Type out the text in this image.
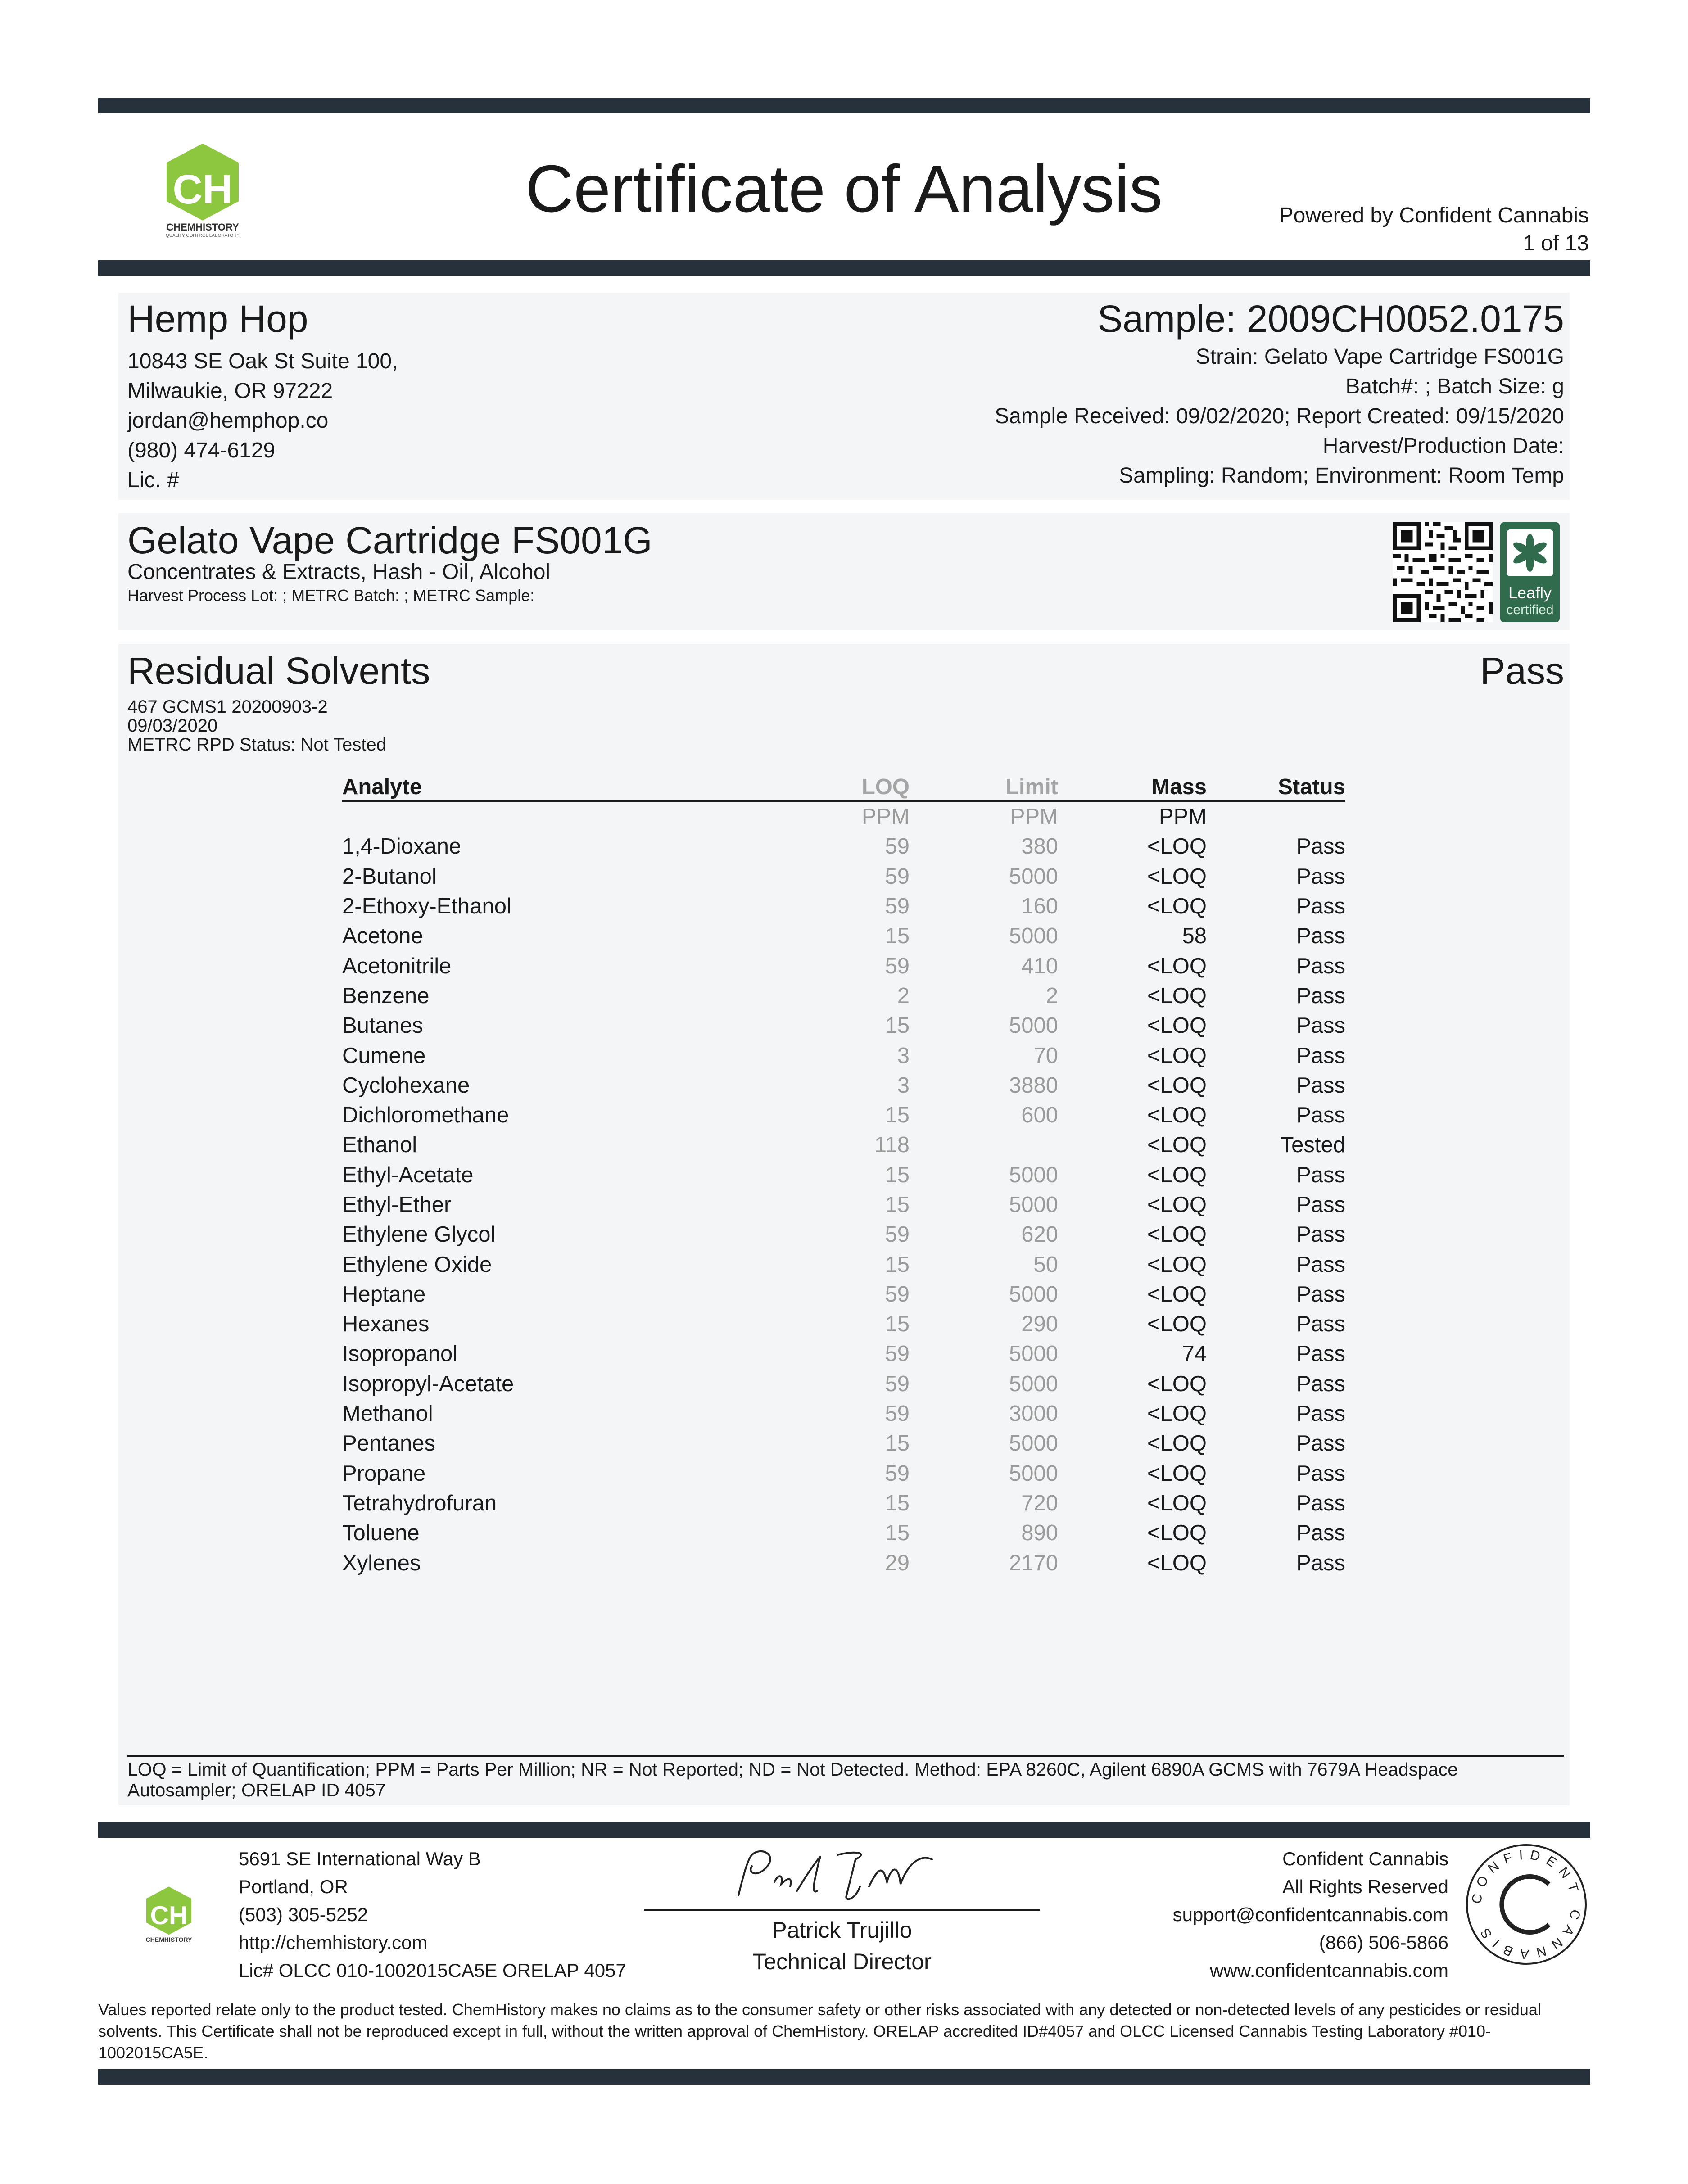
CH
CHEMHISTORY
QUALITY CONTROL LABORATORY
Certificate of Analysis	Powered by Confident Cannabis
1 of 13
Hemp Hop
10843 SE Oak St Suite 100,
Milwaukie, OR 97222
jordan@hemphop.co
(980) 474-6129
Lic. #
Sample: 2009CH0052.0175
Strain: Gelato Vape Cartridge FS001G
Batch#: ; Batch Size: g
Sample Received: 09/02/2020; Report Created: 09/15/2020
Harvest/Production Date:
Sampling: Random; Environment: Room Temp
Gelato Vape Cartridge FS001G
Concentrates & Extracts, Hash - Oil, Alcohol
Harvest Process Lot: ; METRC Batch: ; METRC Sample:	Leafly
certified
Residual Solvents	Pass
467 GCMS1 20200903-2
09/03/2020
METRC RPD Status: Not Tested
Analyte	LOQ	Limit	Mass	Status
	PPM	PPM	PPM	
1,4-Dioxane	59	380	<LOQ	Pass
2-Butanol	59	5000	<LOQ	Pass
2-Ethoxy-Ethanol	59	160	<LOQ	Pass
Acetone	15	5000	58	Pass
Acetonitrile	59	410	<LOQ	Pass
Benzene	2	2	<LOQ	Pass
Butanes	15	5000	<LOQ	Pass
Cumene	3	70	<LOQ	Pass
Cyclohexane	3	3880	<LOQ	Pass
Dichloromethane	15	600	<LOQ	Pass
Ethanol	118		<LOQ	Tested
Ethyl-Acetate	15	5000	<LOQ	Pass
Ethyl-Ether	15	5000	<LOQ	Pass
Ethylene Glycol	59	620	<LOQ	Pass
Ethylene Oxide	15	50	<LOQ	Pass
Heptane	59	5000	<LOQ	Pass
Hexanes	15	290	<LOQ	Pass
Isopropanol	59	5000	74	Pass
Isopropyl-Acetate	59	5000	<LOQ	Pass
Methanol	59	3000	<LOQ	Pass
Pentanes	15	5000	<LOQ	Pass
Propane	59	5000	<LOQ	Pass
Tetrahydrofuran	15	720	<LOQ	Pass
Toluene	15	890	<LOQ	Pass
Xylenes	29	2170	<LOQ	Pass
LOQ = Limit of Quantification; PPM = Parts Per Million; NR = Not Reported; ND = Not Detected. Method: EPA 8260C, Agilent 6890A GCMS with 7679A Headspace Autosampler; ORELAP ID 4057
CH
CHEMHISTORY
5691 SE International Way B
Portland, OR
(503) 305-5252
http://chemhistory.com
Lic# OLCC 010-1002015CA5E ORELAP 4057
Patrick Trujillo
Technical Director
Confident Cannabis
All Rights Reserved
support@confidentcannabis.com
(866) 506-5866
www.confidentcannabis.com
CONFIDENT CANNABIS
Values reported relate only to the product tested. ChemHistory makes no claims as to the consumer safety or other risks associated with any detected or non-detected levels of any pesticides or residual solvents. This Certificate shall not be reproduced except in full, without the written approval of ChemHistory. ORELAP accredited ID#4057 and OLCC Licensed Cannabis Testing Laboratory #010-1002015CA5E.
